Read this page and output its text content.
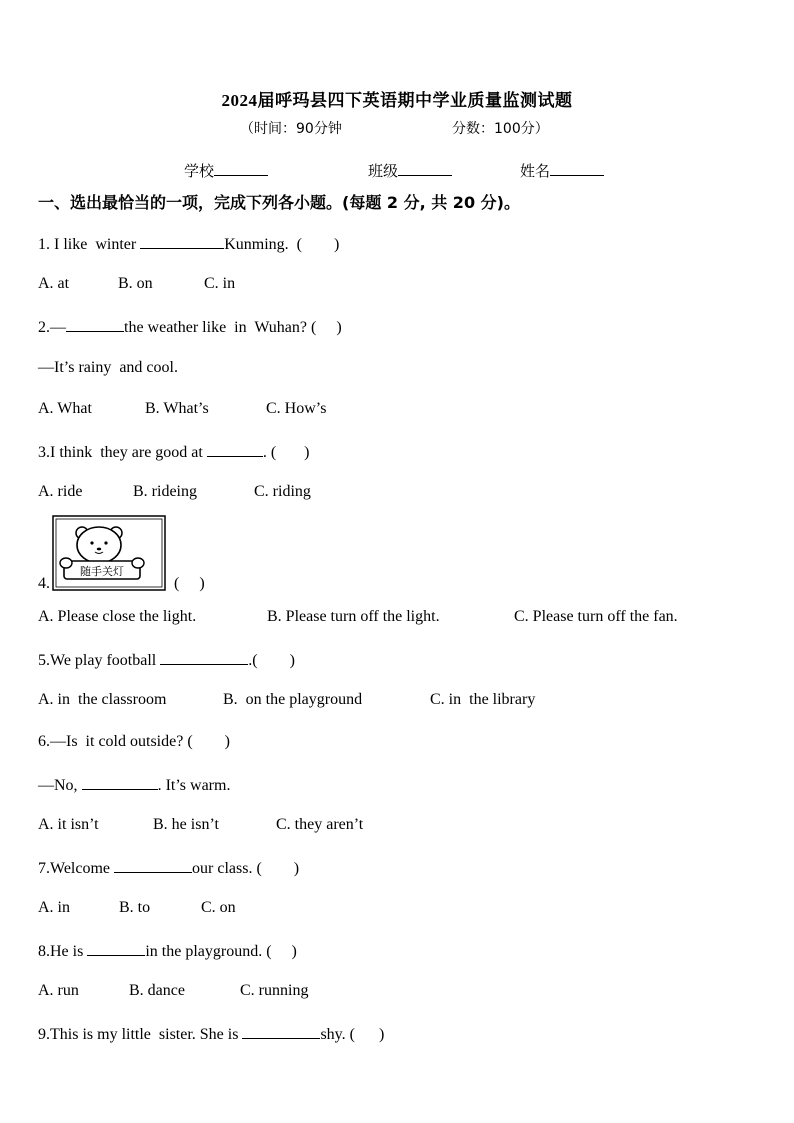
2024届呼玛县四下英语期中学业质量监测试题
（时间：90分钟	分数：100分）
学校	班级	姓名
一、选出最恰当的一项，完成下列各小题。(每题 2 分, 共 20 分)。
1. I like  winter	Kunming.  (        )

A. at

	B. on

	C. in

2.—	the weather like  in  Wuhan? (     )
—It’s rainy  and cool.

A. What

	B. What’s

	C. How’s

3.I think  they are good at	. (       )

A. ride

	B. rideing

	C. riding

随手关灯

4.

	(     )

A. Please close the light.

	B. Please turn off the light.

	C. Please turn off the fan.

5.We play football	.(        )

A. in  the classroom

	B.  on the playground

	C. in  the library

6.—Is  it cold outside? (        )
—No,	. It’s warm.

A. it isn’t

	B. he isn’t

	C. they aren’t

7.Welcome	our class. (        )

A. in

	B. to

	C. on

8.He is	in the playground. (     )

A. run

	B. dance

	C. running

9.This is my little  sister. She is	shy. (      )
